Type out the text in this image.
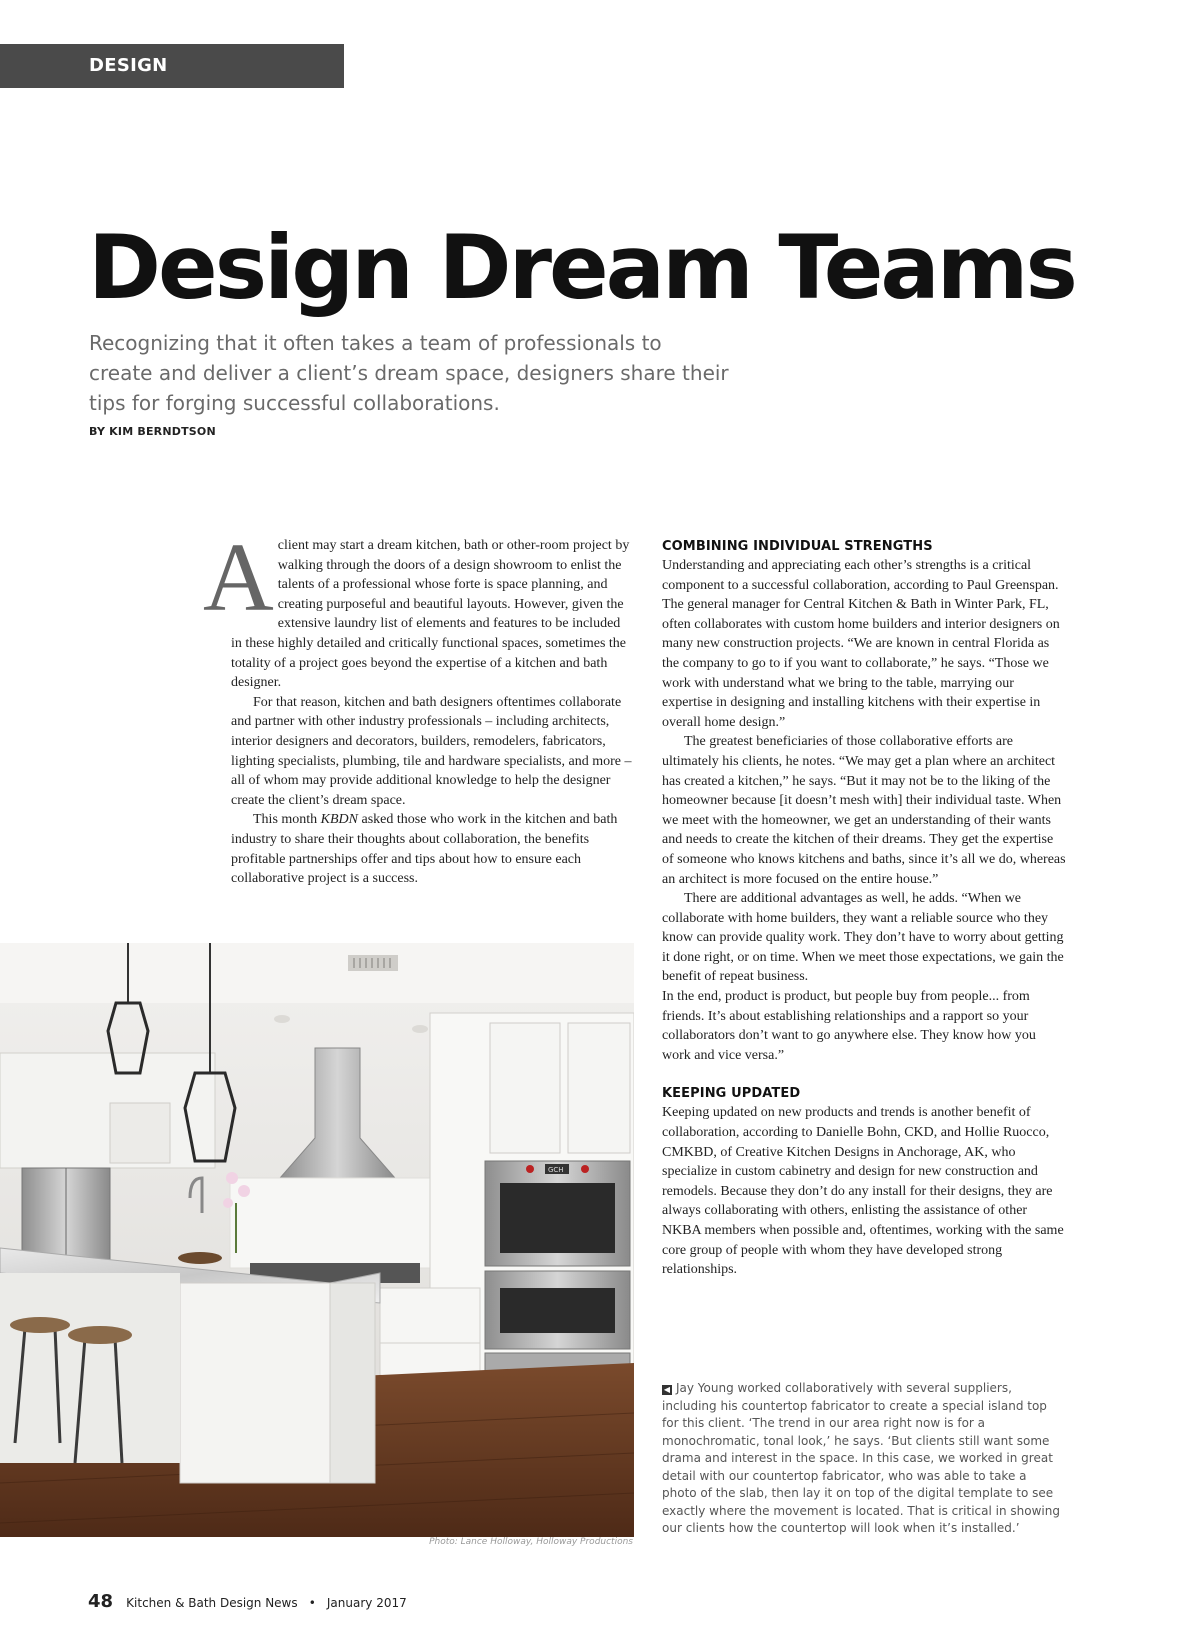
DESIGN COLLABORATION
Design Dream Teams
Recognizing that it often takes a team of professionals to create and deliver a client’s dream space, designers share their tips for forging successful collaborations.
BY KIM BERNDTSON

Aclient may start a dream kitchen, bath or other-room project by walking through the doors of a design showroom to enlist the talents of a professional whose forte is space planning, and creating purposeful and beautiful layouts. However, given the extensive laundry list of elements and features to be included in these highly detailed and critically functional spaces, sometimes the totality of a project goes beyond the expertise of a kitchen and bath designer.

For that reason, kitchen and bath designers oftentimes collaborate and partner with other industry professionals – including architects, interior designers and decorators, builders, remodelers, fabricators, lighting specialists, plumbing, tile and hardware specialists, and more – all of whom may provide additional knowledge to help the designer create the client’s dream space.

This month KBDN asked those who work in the kitchen and bath industry to share their thoughts about collaboration, the benefits profitable partnerships offer and tips about how to ensure each collaborative project is a success.

COMBINING INDIVIDUAL STRENGTHS

Understanding and appreciating each other’s strengths is a critical component to a successful collaboration, according to Paul Greenspan. The general manager for Central Kitchen & Bath in Winter Park, FL, often collaborates with custom home builders and interior designers on many new construction projects. “We are known in central Florida as the company to go to if you want to collaborate,” he says. “Those we work with understand what we bring to the table, marrying our expertise in designing and installing kitchens with their expertise in overall home design.”

The greatest beneficiaries of those collaborative efforts are ultimately his clients, he notes. “We may get a plan where an architect has created a kitchen,” he says. “But it may not be to the liking of the homeowner because [it doesn’t mesh with] their individual taste. When we meet with the homeowner, we get an understanding of their wants and needs to create the kitchen of their dreams. They get the expertise of someone who knows kitchens and baths, since it’s all we do, whereas an architect is more focused on the entire house.”

There are additional advantages as well, he adds. “When we collaborate with home builders, they want a reliable source who they know can provide quality work. They don’t have to worry about getting it done right, or on time. When we meet those expectations, we gain the benefit of repeat business.

In the end, product is product, but people buy from people... from friends. It’s about establishing relationships and a rapport so your collaborators don’t want to go anywhere else. They know how you work and vice versa.”

KEEPING UPDATED

Keeping updated on new products and trends is another benefit of collaboration, according to Danielle Bohn, CKD, and Hollie Ruocco, CMKBD, of Creative Kitchen Designs in Anchorage, AK, who specialize in custom cabinetry and design for new construction and remodels. Because they don’t do any install for their designs, they are always collaborating with others, enlisting the assistance of other NKBA members when possible and, oftentimes, working with the same core group of people with whom they have developed strong relationships.

GCH
Photo: Lance Holloway, Holloway Productions
◀ Jay Young worked collaboratively with several suppliers, including his countertop fabricator to create a special island top for this client. ‘The trend in our area right now is for a monochromatic, tonal look,’ he says. ‘But clients still want some drama and interest in the space. In this case, we worked in great detail with our countertop fabricator, who was able to take a photo of the slab, then lay it on top of the digital template to see exactly where the movement is located. That is critical in showing our clients how the countertop will look when it’s installed.’
48 Kitchen & Bath Design News • January 2017
